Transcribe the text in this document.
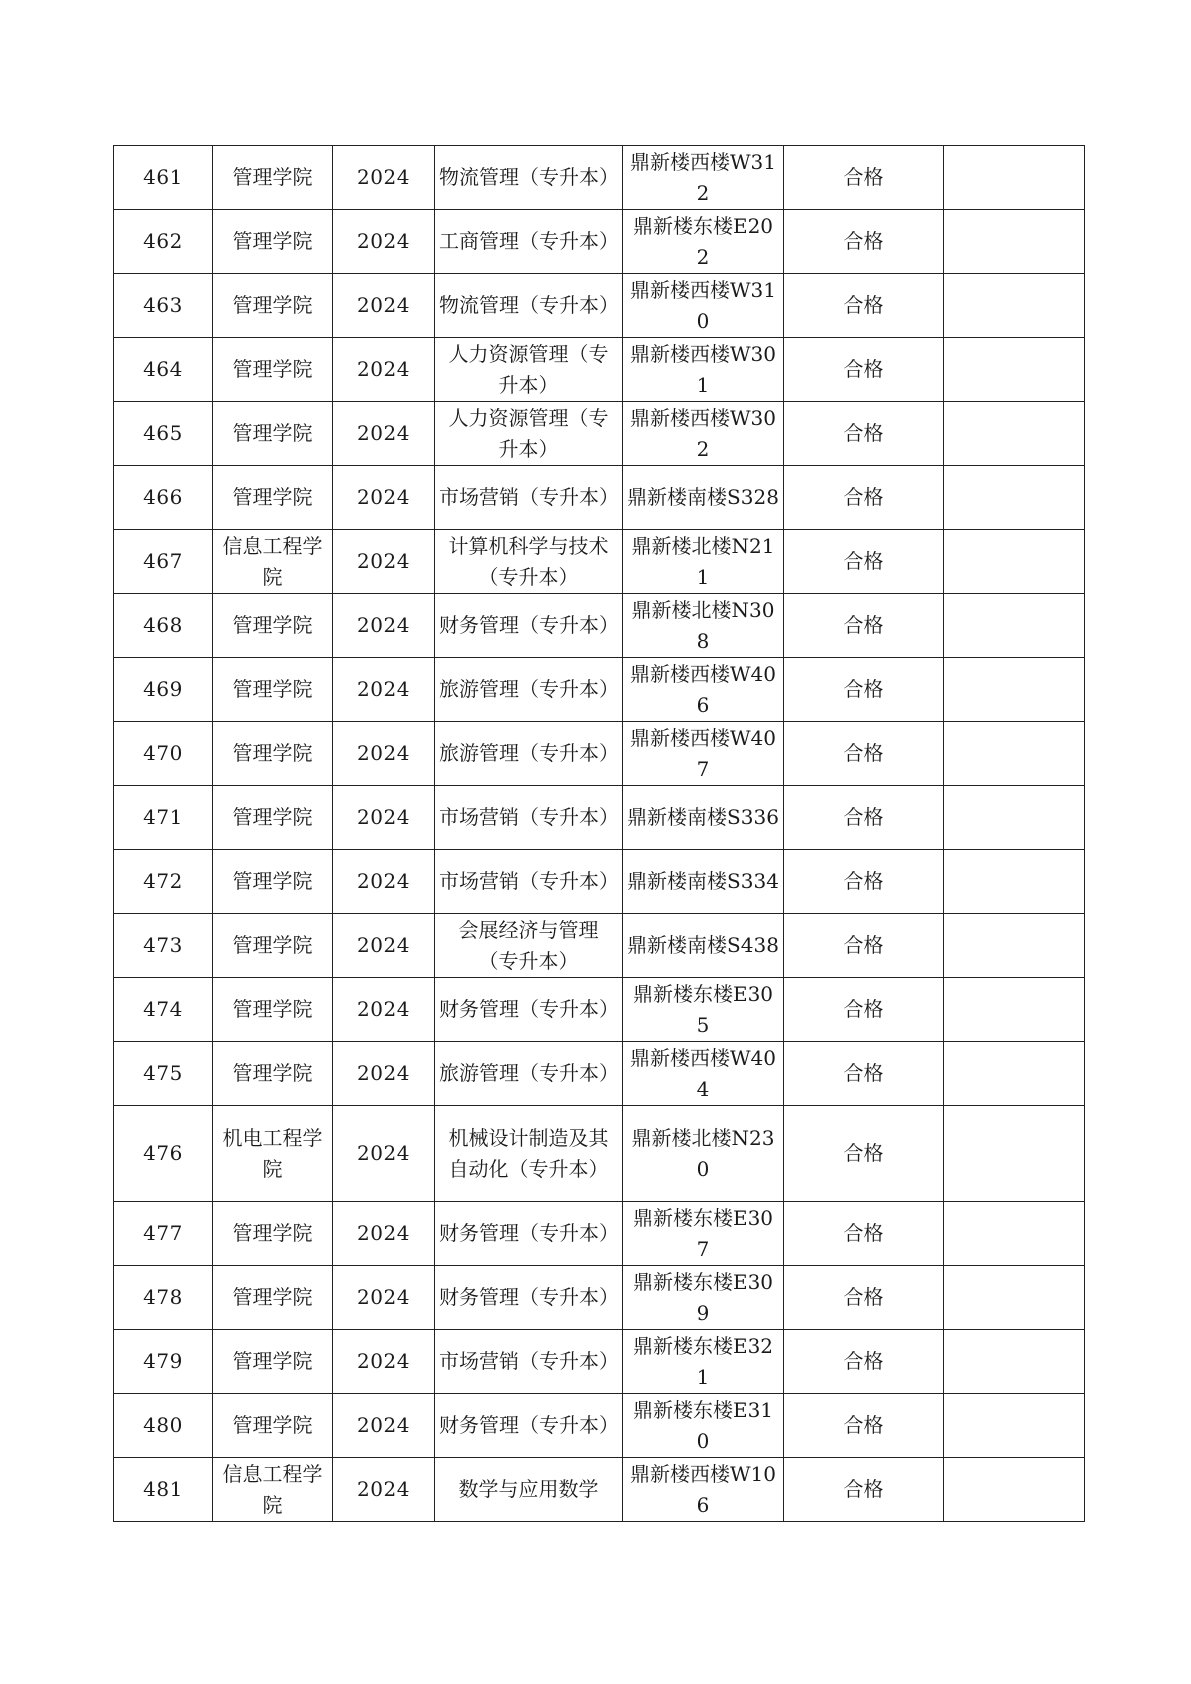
461	管理学院	2024	物流管理（专升本）	鼎新楼西楼W312	合格	
462	管理学院	2024	工商管理（专升本）	鼎新楼东楼E202	合格	
463	管理学院	2024	物流管理（专升本）	鼎新楼西楼W310	合格	
464	管理学院	2024	人力资源管理（专升本）	鼎新楼西楼W301	合格	
465	管理学院	2024	人力资源管理（专升本）	鼎新楼西楼W302	合格	
466	管理学院	2024	市场营销（专升本）	鼎新楼南楼S328	合格	
467	信息工程学院	2024	计算机科学与技术（专升本）	鼎新楼北楼N211	合格	
468	管理学院	2024	财务管理（专升本）	鼎新楼北楼N308	合格	
469	管理学院	2024	旅游管理（专升本）	鼎新楼西楼W406	合格	
470	管理学院	2024	旅游管理（专升本）	鼎新楼西楼W407	合格	
471	管理学院	2024	市场营销（专升本）	鼎新楼南楼S336	合格	
472	管理学院	2024	市场营销（专升本）	鼎新楼南楼S334	合格	
473	管理学院	2024	会展经济与管理（专升本）	鼎新楼南楼S438	合格	
474	管理学院	2024	财务管理（专升本）	鼎新楼东楼E305	合格	
475	管理学院	2024	旅游管理（专升本）	鼎新楼西楼W404	合格	
476	机电工程学院	2024	机械设计制造及其自动化（专升本）	鼎新楼北楼N230	合格	
477	管理学院	2024	财务管理（专升本）	鼎新楼东楼E307	合格	
478	管理学院	2024	财务管理（专升本）	鼎新楼东楼E309	合格	
479	管理学院	2024	市场营销（专升本）	鼎新楼东楼E321	合格	
480	管理学院	2024	财务管理（专升本）	鼎新楼东楼E310	合格	
481	信息工程学院	2024	数学与应用数学	鼎新楼西楼W106	合格	
